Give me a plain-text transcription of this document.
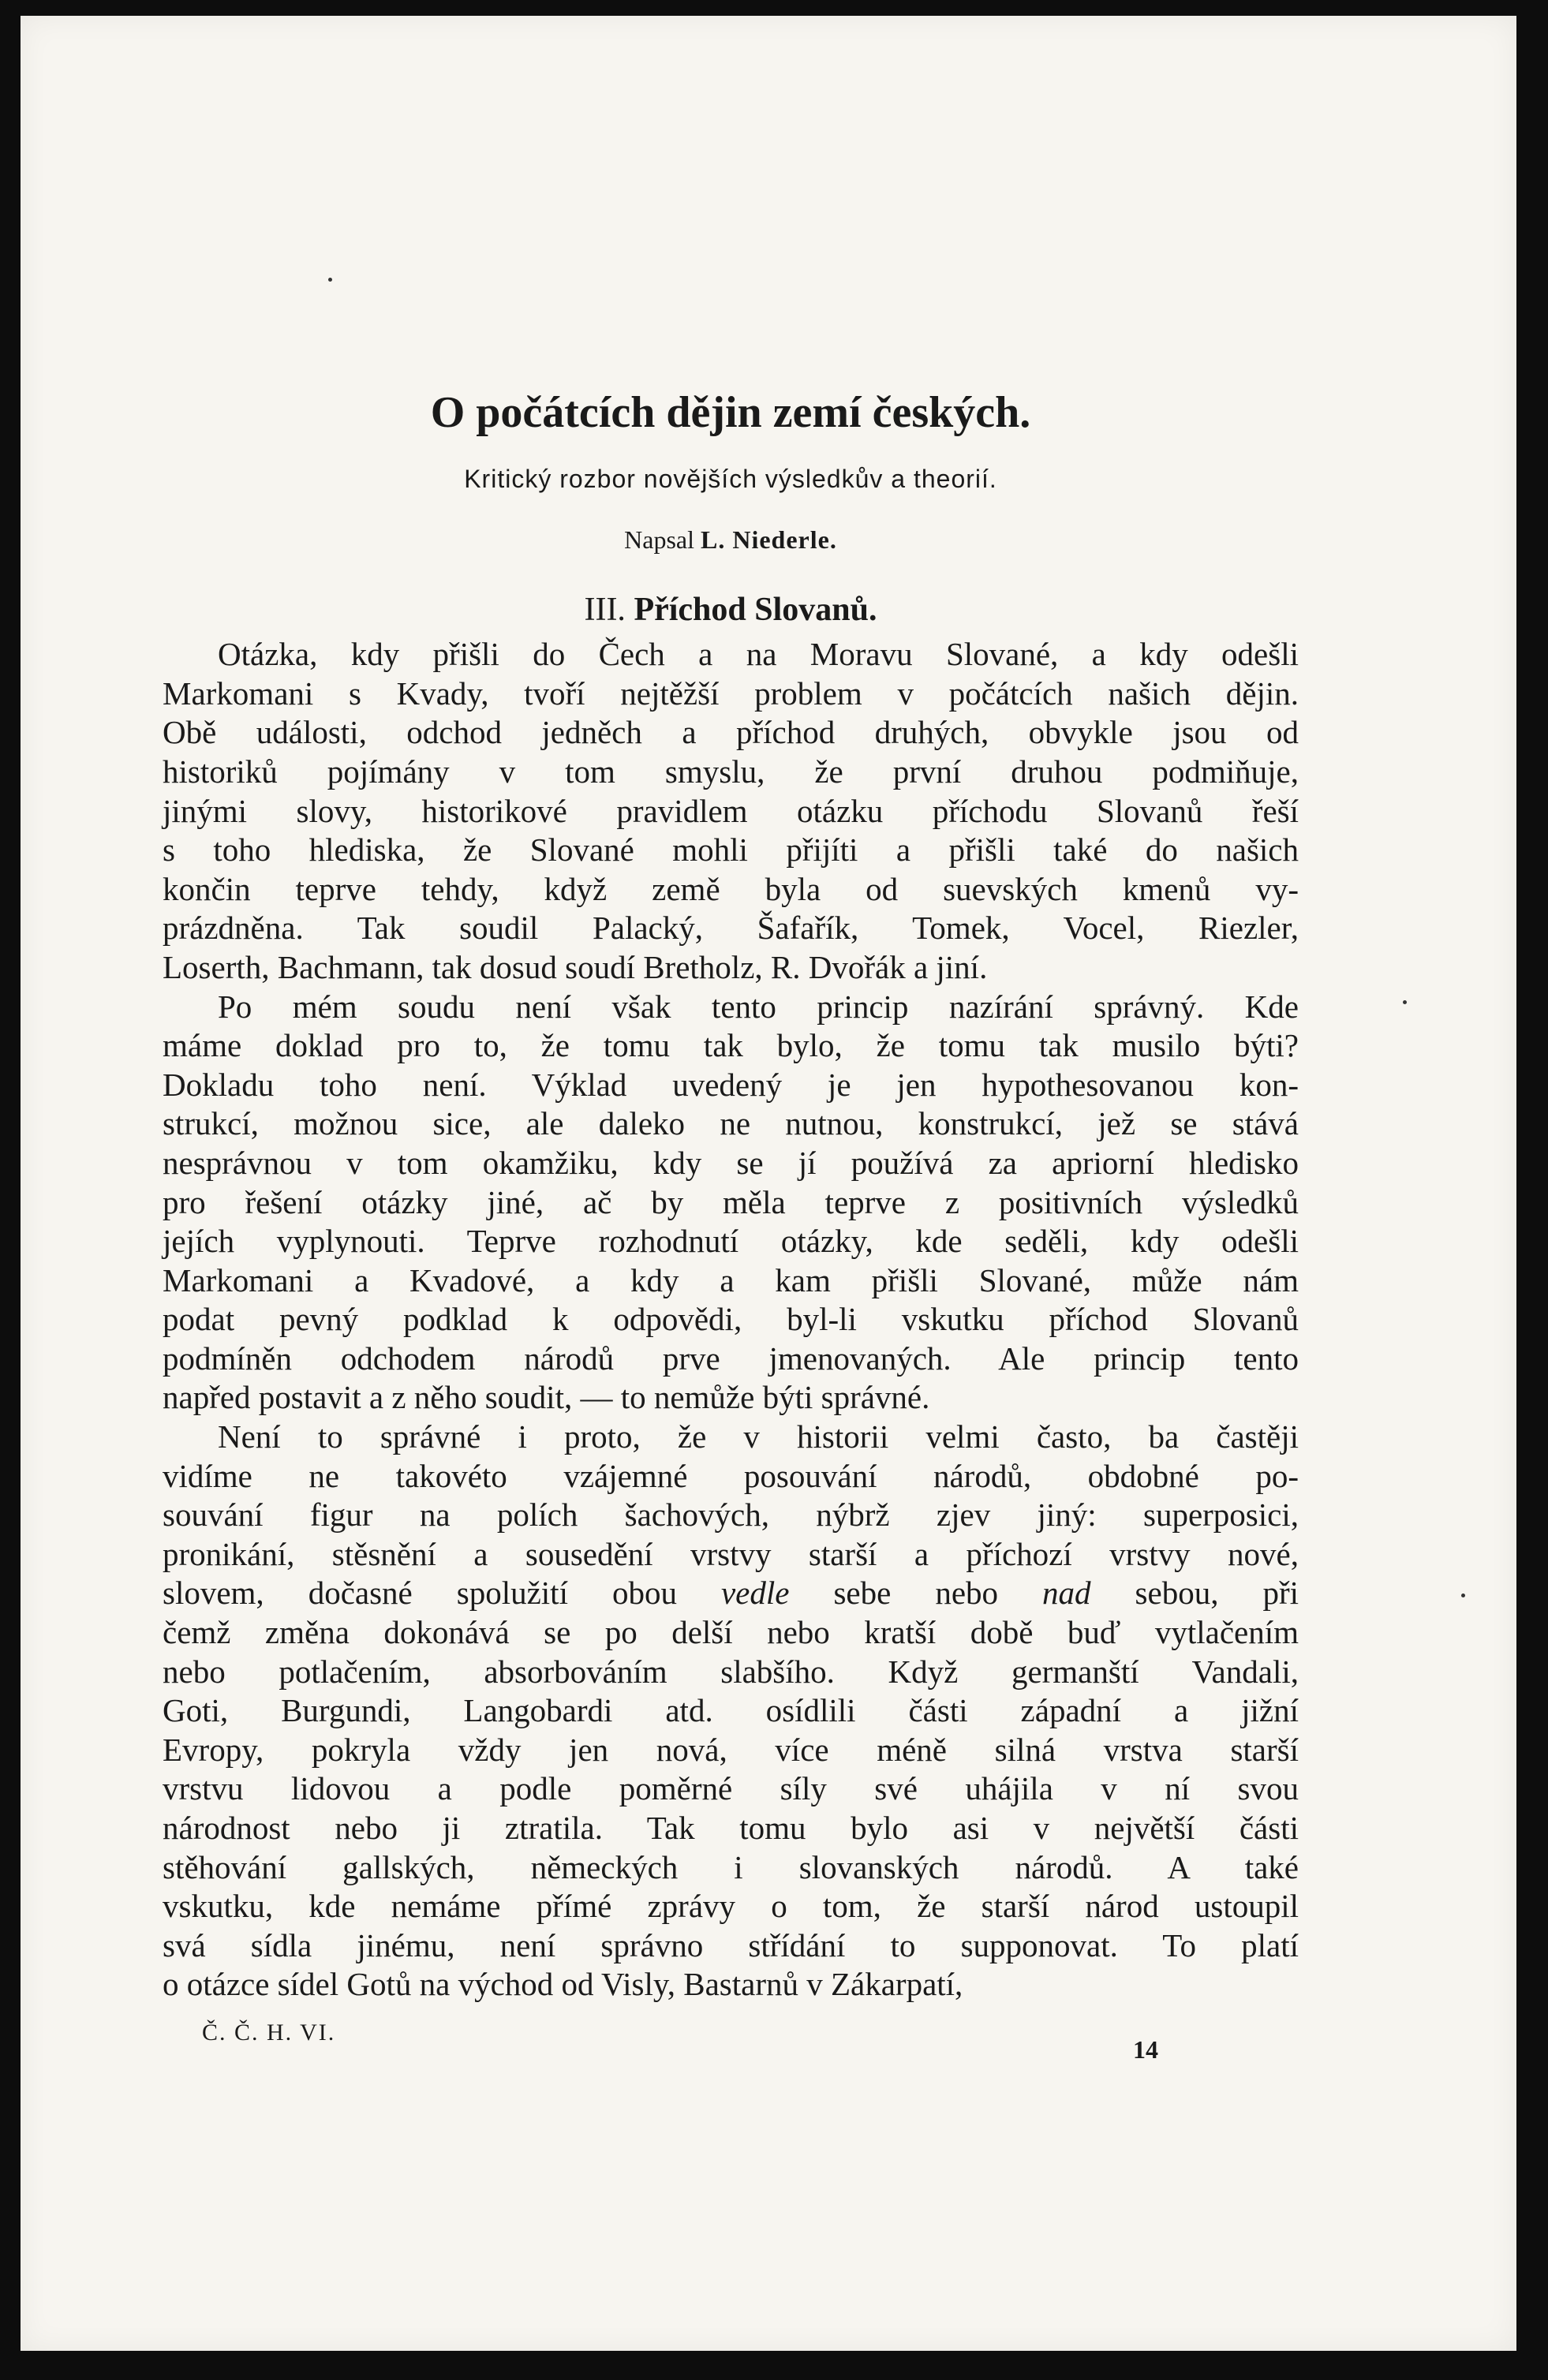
O počátcích dějin zemí českých.
Kritický rozbor novějších výsledkův a theorií.
Napsal L. Niederle.
III. Příchod Slovanů.
Otázka, kdy přišli do Čech a na Moravu Slované, a kdy odešli
Markomani s Kvady, tvoří nejtěžší problem v počátcích našich dějin.
Obě události, odchod jedněch a příchod druhých, obvykle jsou od
historiků pojímány v tom smyslu, že první druhou podmiňuje,
jinými slovy, historikové pravidlem otázku příchodu Slovanů řeší
s toho hlediska, že Slované mohli přijíti a přišli také do našich
končin teprve tehdy, když země byla od suevských kmenů vy-
prázdněna. Tak soudil Palacký, Šafařík, Tomek, Vocel, Riezler,
Loserth, Bachmann, tak dosud soudí Bretholz, R. Dvořák a jiní.
Po mém soudu není však tento princip nazírání správný. Kde
máme doklad pro to, že tomu tak bylo, že tomu tak musilo býti?
Dokladu toho není. Výklad uvedený je jen hypothesovanou kon-
strukcí, možnou sice, ale daleko ne nutnou, konstrukcí, jež se stává
nesprávnou v tom okamžiku, kdy se jí používá za apriorní hledisko
pro řešení otázky jiné, ač by měla teprve z positivních výsledků
jejích vyplynouti. Teprve rozhodnutí otázky, kde seděli, kdy odešli
Markomani a Kvadové, a kdy a kam přišli Slované, může nám
podat pevný podklad k odpovědi, byl-li vskutku příchod Slovanů
podmíněn odchodem národů prve jmenovaných. Ale princip tento
napřed postavit a z něho soudit, — to nemůže býti správné.
Není to správné i proto, že v historii velmi často, ba častěji
vidíme ne takovéto vzájemné posouvání národů, obdobné po-
souvání figur na polích šachových, nýbrž zjev jiný: superposici,
pronikání, stěsnění a sousedění vrstvy starší a příchozí vrstvy nové,
slovem, dočasné spolužití obou vedle sebe nebo nad sebou, při
čemž změna dokonává se po delší nebo kratší době buď vytlačením
nebo potlačením, absorbováním slabšího. Když germanští Vandali,
Goti, Burgundi, Langobardi atd. osídlili části západní a jižní
Evropy, pokryla vždy jen nová, více méně silná vrstva starší
vrstvu lidovou a podle poměrné síly své uhájila v ní svou
národnost nebo ji ztratila. Tak tomu bylo asi v největší části
stěhování gallských, německých i slovanských národů. A také
vskutku, kde nemáme přímé zprávy o tom, že starší národ ustoupil
svá sídla jinému, není správno střídání to supponovat. To platí
o otázce sídel Gotů na východ od Visly, Bastarnů v Zákarpatí,
Č. Č. H. VI.
14
